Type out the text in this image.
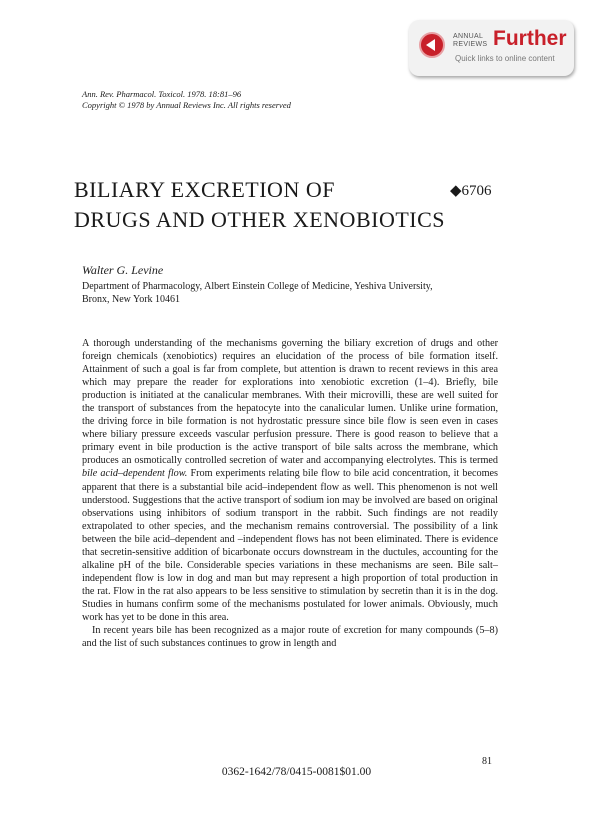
ANNUAL
REVIEWS Further
Quick links to online content
Ann. Rev. Pharmacol. Toxicol. 1978. 18:81–96
Copyright © 1978 by Annual Reviews Inc. All rights reserved
BILIARY EXCRETION OF
DRUGS AND OTHER XENOBIOTICS
◆6706
Walter G. Levine
Department of Pharmacology, Albert Einstein College of Medicine, Yeshiva University,
Bronx, New York 10461

A thorough understanding of the mechanisms governing the biliary excretion of drugs and other foreign chemicals (xenobiotics) requires an elucidation of the process of bile formation itself. Attainment of such a goal is far from complete, but attention is drawn to recent reviews in this area which may prepare the reader for explorations into xenobiotic excretion (1–4). Briefly, bile production is initiated at the canalicular membranes. With their microvilli, these are well suited for the transport of substances from the hepatocyte into the canalicular lumen. Unlike urine formation, the driving force in bile formation is not hydrostatic pressure since bile flow is seen even in cases where biliary pressure exceeds vascular perfusion pressure. There is good reason to believe that a primary event in bile production is the active transport of bile salts across the membrane, which produces an osmotically controlled secretion of water and accompanying electrolytes. This is termed bile acid–dependent flow. From experiments relating bile flow to bile acid concentration, it becomes apparent that there is a substantial bile acid–independent flow as well. This phenomenon is not well understood. Suggestions that the active transport of sodium ion may be involved are based on original observations using inhibitors of sodium transport in the rabbit. Such findings are not readily extrapolated to other species, and the mechanism remains controversial. The possibility of a link between the bile acid–dependent and –independent flows has not been eliminated. There is evidence that secretin-sensitive addition of bicarbonate occurs downstream in the ductules, accounting for the alkaline pH of the bile. Considerable species variations in these mechanisms are seen. Bile salt–independent flow is low in dog and man but may represent a high proportion of total production in the rat. Flow in the rat also appears to be less sensitive to stimulation by secretin than it is in the dog. Studies in humans confirm some of the mechanisms postulated for lower animals. Obviously, much work has yet to be done in this area.

In recent years bile has been recognized as a major route of excretion for many compounds (5–8) and the list of such substances continues to grow in length and

81
0362-1642/78/0415-0081$01.00
